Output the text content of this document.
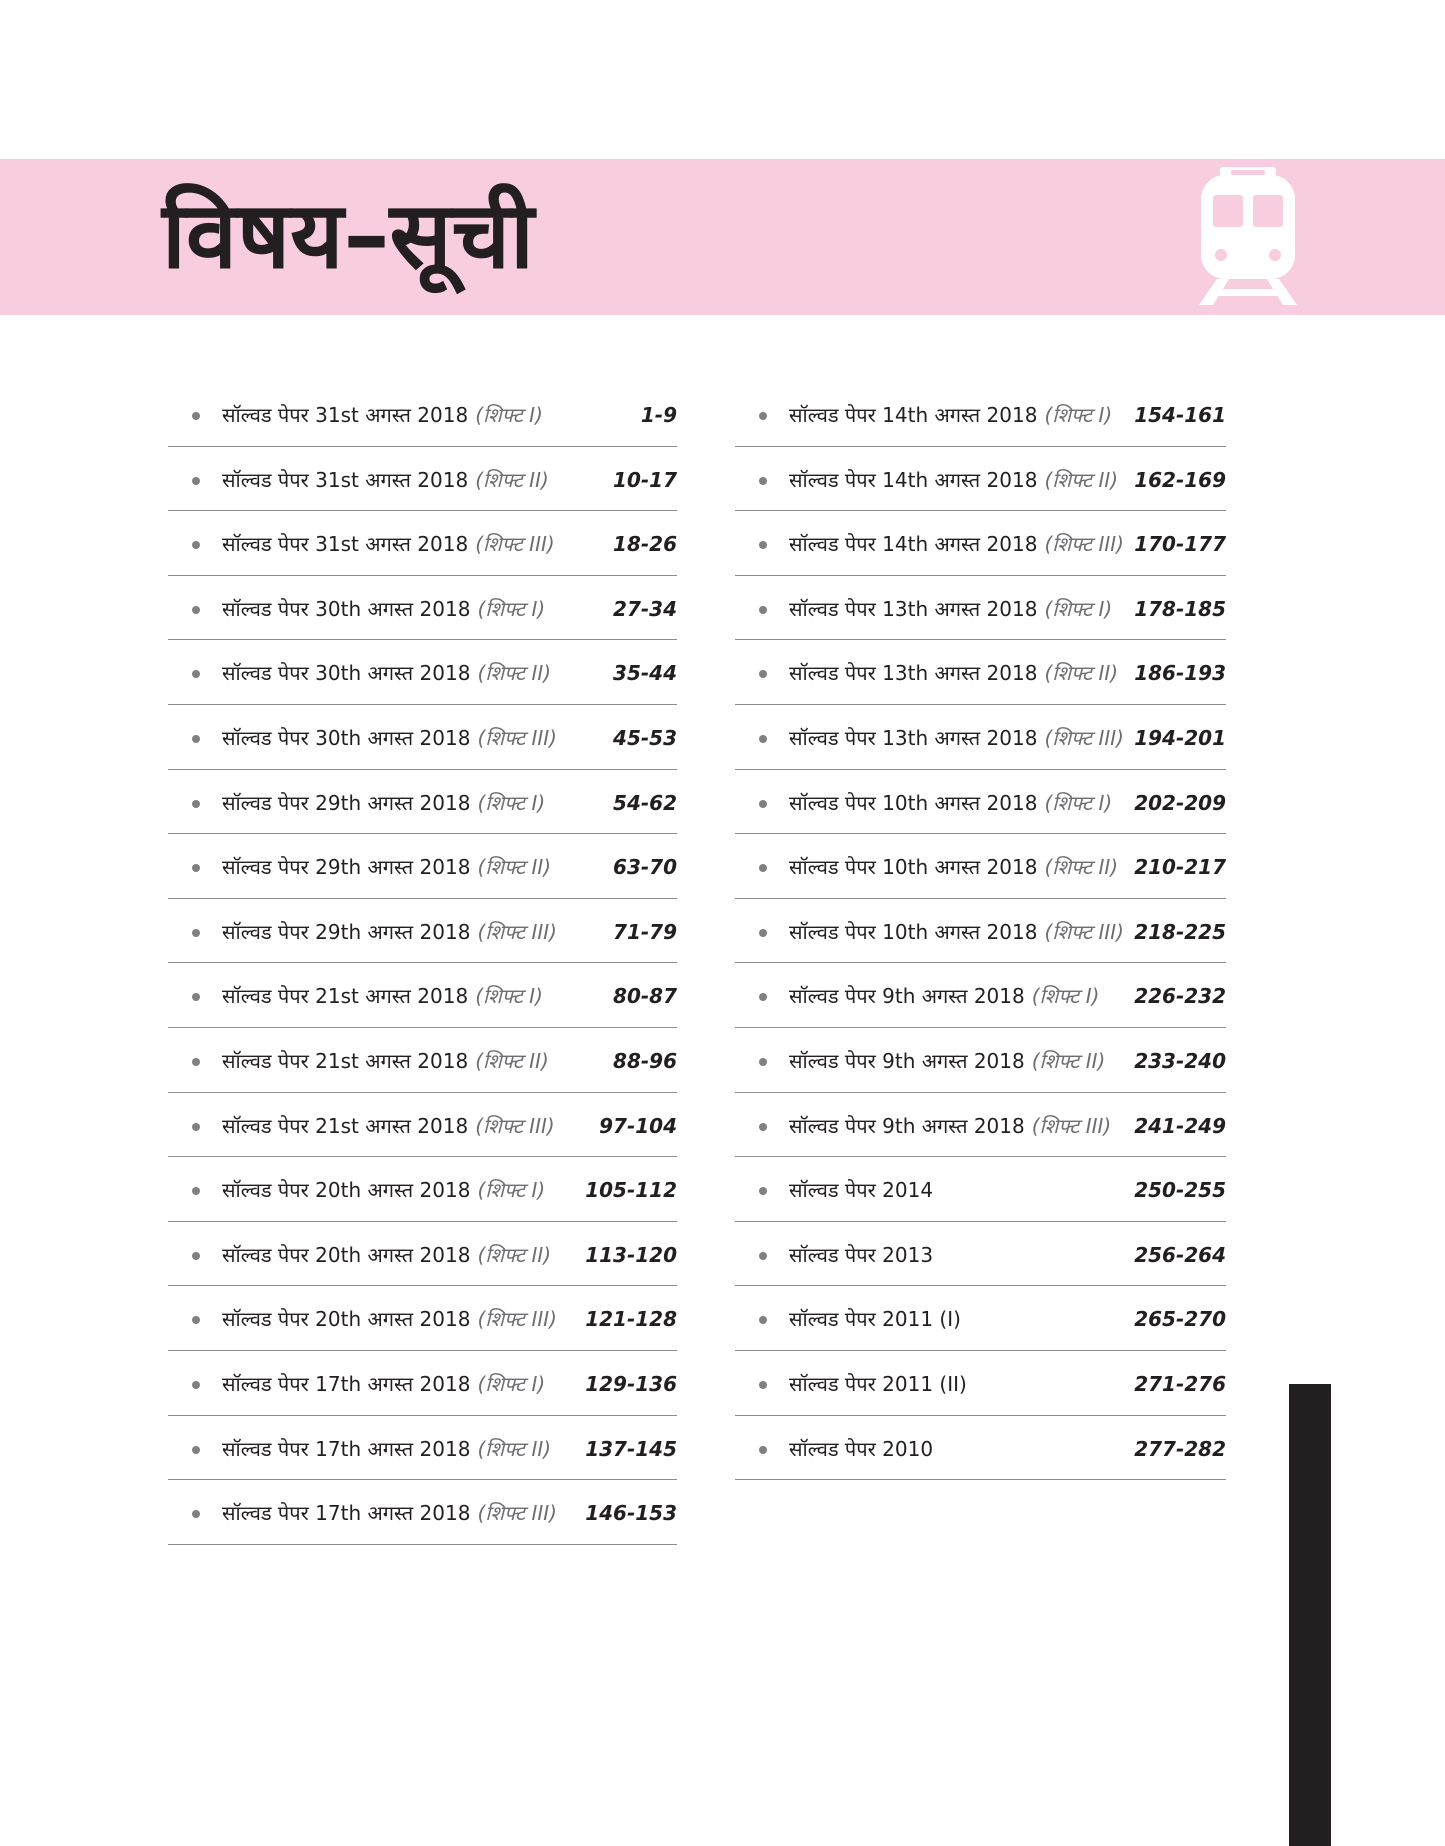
विषय–सूची
सॉल्वड पेपर 31st अगस्त 2018 (शिफ्ट I)	1-9
सॉल्वड पेपर 31st अगस्त 2018 (शिफ्ट II)	10-17
सॉल्वड पेपर 31st अगस्त 2018 (शिफ्ट III)	18-26
सॉल्वड पेपर 30th अगस्त 2018 (शिफ्ट I)	27-34
सॉल्वड पेपर 30th अगस्त 2018 (शिफ्ट II)	35-44
सॉल्वड पेपर 30th अगस्त 2018 (शिफ्ट III)	45-53
सॉल्वड पेपर 29th अगस्त 2018 (शिफ्ट I)	54-62
सॉल्वड पेपर 29th अगस्त 2018 (शिफ्ट II)	63-70
सॉल्वड पेपर 29th अगस्त 2018 (शिफ्ट III)	71-79
सॉल्वड पेपर 21st अगस्त 2018 (शिफ्ट I)	80-87
सॉल्वड पेपर 21st अगस्त 2018 (शिफ्ट II)	88-96
सॉल्वड पेपर 21st अगस्त 2018 (शिफ्ट III) 97-104
सॉल्वड पेपर 20th अगस्त 2018 (शिफ्ट I) 105-112
सॉल्वड पेपर 20th अगस्त 2018 (शिफ्ट II) 113-120
सॉल्वड पेपर 20th अगस्त 2018 (शिफ्ट III) 121-128
सॉल्वड पेपर 17th अगस्त 2018 (शिफ्ट I) 129-136
सॉल्वड पेपर 17th अगस्त 2018 (शिफ्ट II) 137-145
सॉल्वड पेपर 17th अगस्त 2018 (शिफ्ट III) 146-153
सॉल्वड पेपर 14th अगस्त 2018 (शिफ्ट I) 154-161
सॉल्वड पेपर 14th अगस्त 2018 (शिफ्ट II) 162-169
सॉल्वड पेपर 14th अगस्त 2018 (शिफ्ट III) 170-177
सॉल्वड पेपर 13th अगस्त 2018 (शिफ्ट I) 178-185
सॉल्वड पेपर 13th अगस्त 2018 (शिफ्ट II) 186-193
सॉल्वड पेपर 13th अगस्त 2018 (शिफ्ट III) 194-201
सॉल्वड पेपर 10th अगस्त 2018 (शिफ्ट I) 202-209
सॉल्वड पेपर 10th अगस्त 2018 (शिफ्ट II) 210-217
सॉल्वड पेपर 10th अगस्त 2018 (शिफ्ट III) 218-225
सॉल्वड पेपर 9th अगस्त 2018 (शिफ्ट I) 226-232
सॉल्वड पेपर 9th अगस्त 2018 (शिफ्ट II) 233-240
सॉल्वड पेपर 9th अगस्त 2018 (शिफ्ट III) 241-249
सॉल्वड पेपर 2014	250-255
सॉल्वड पेपर 2013	256-264
सॉल्वड पेपर 2011 (I)	265-270
सॉल्वड पेपर 2011 (II)	271-276
सॉल्वड पेपर 2010	277-282
